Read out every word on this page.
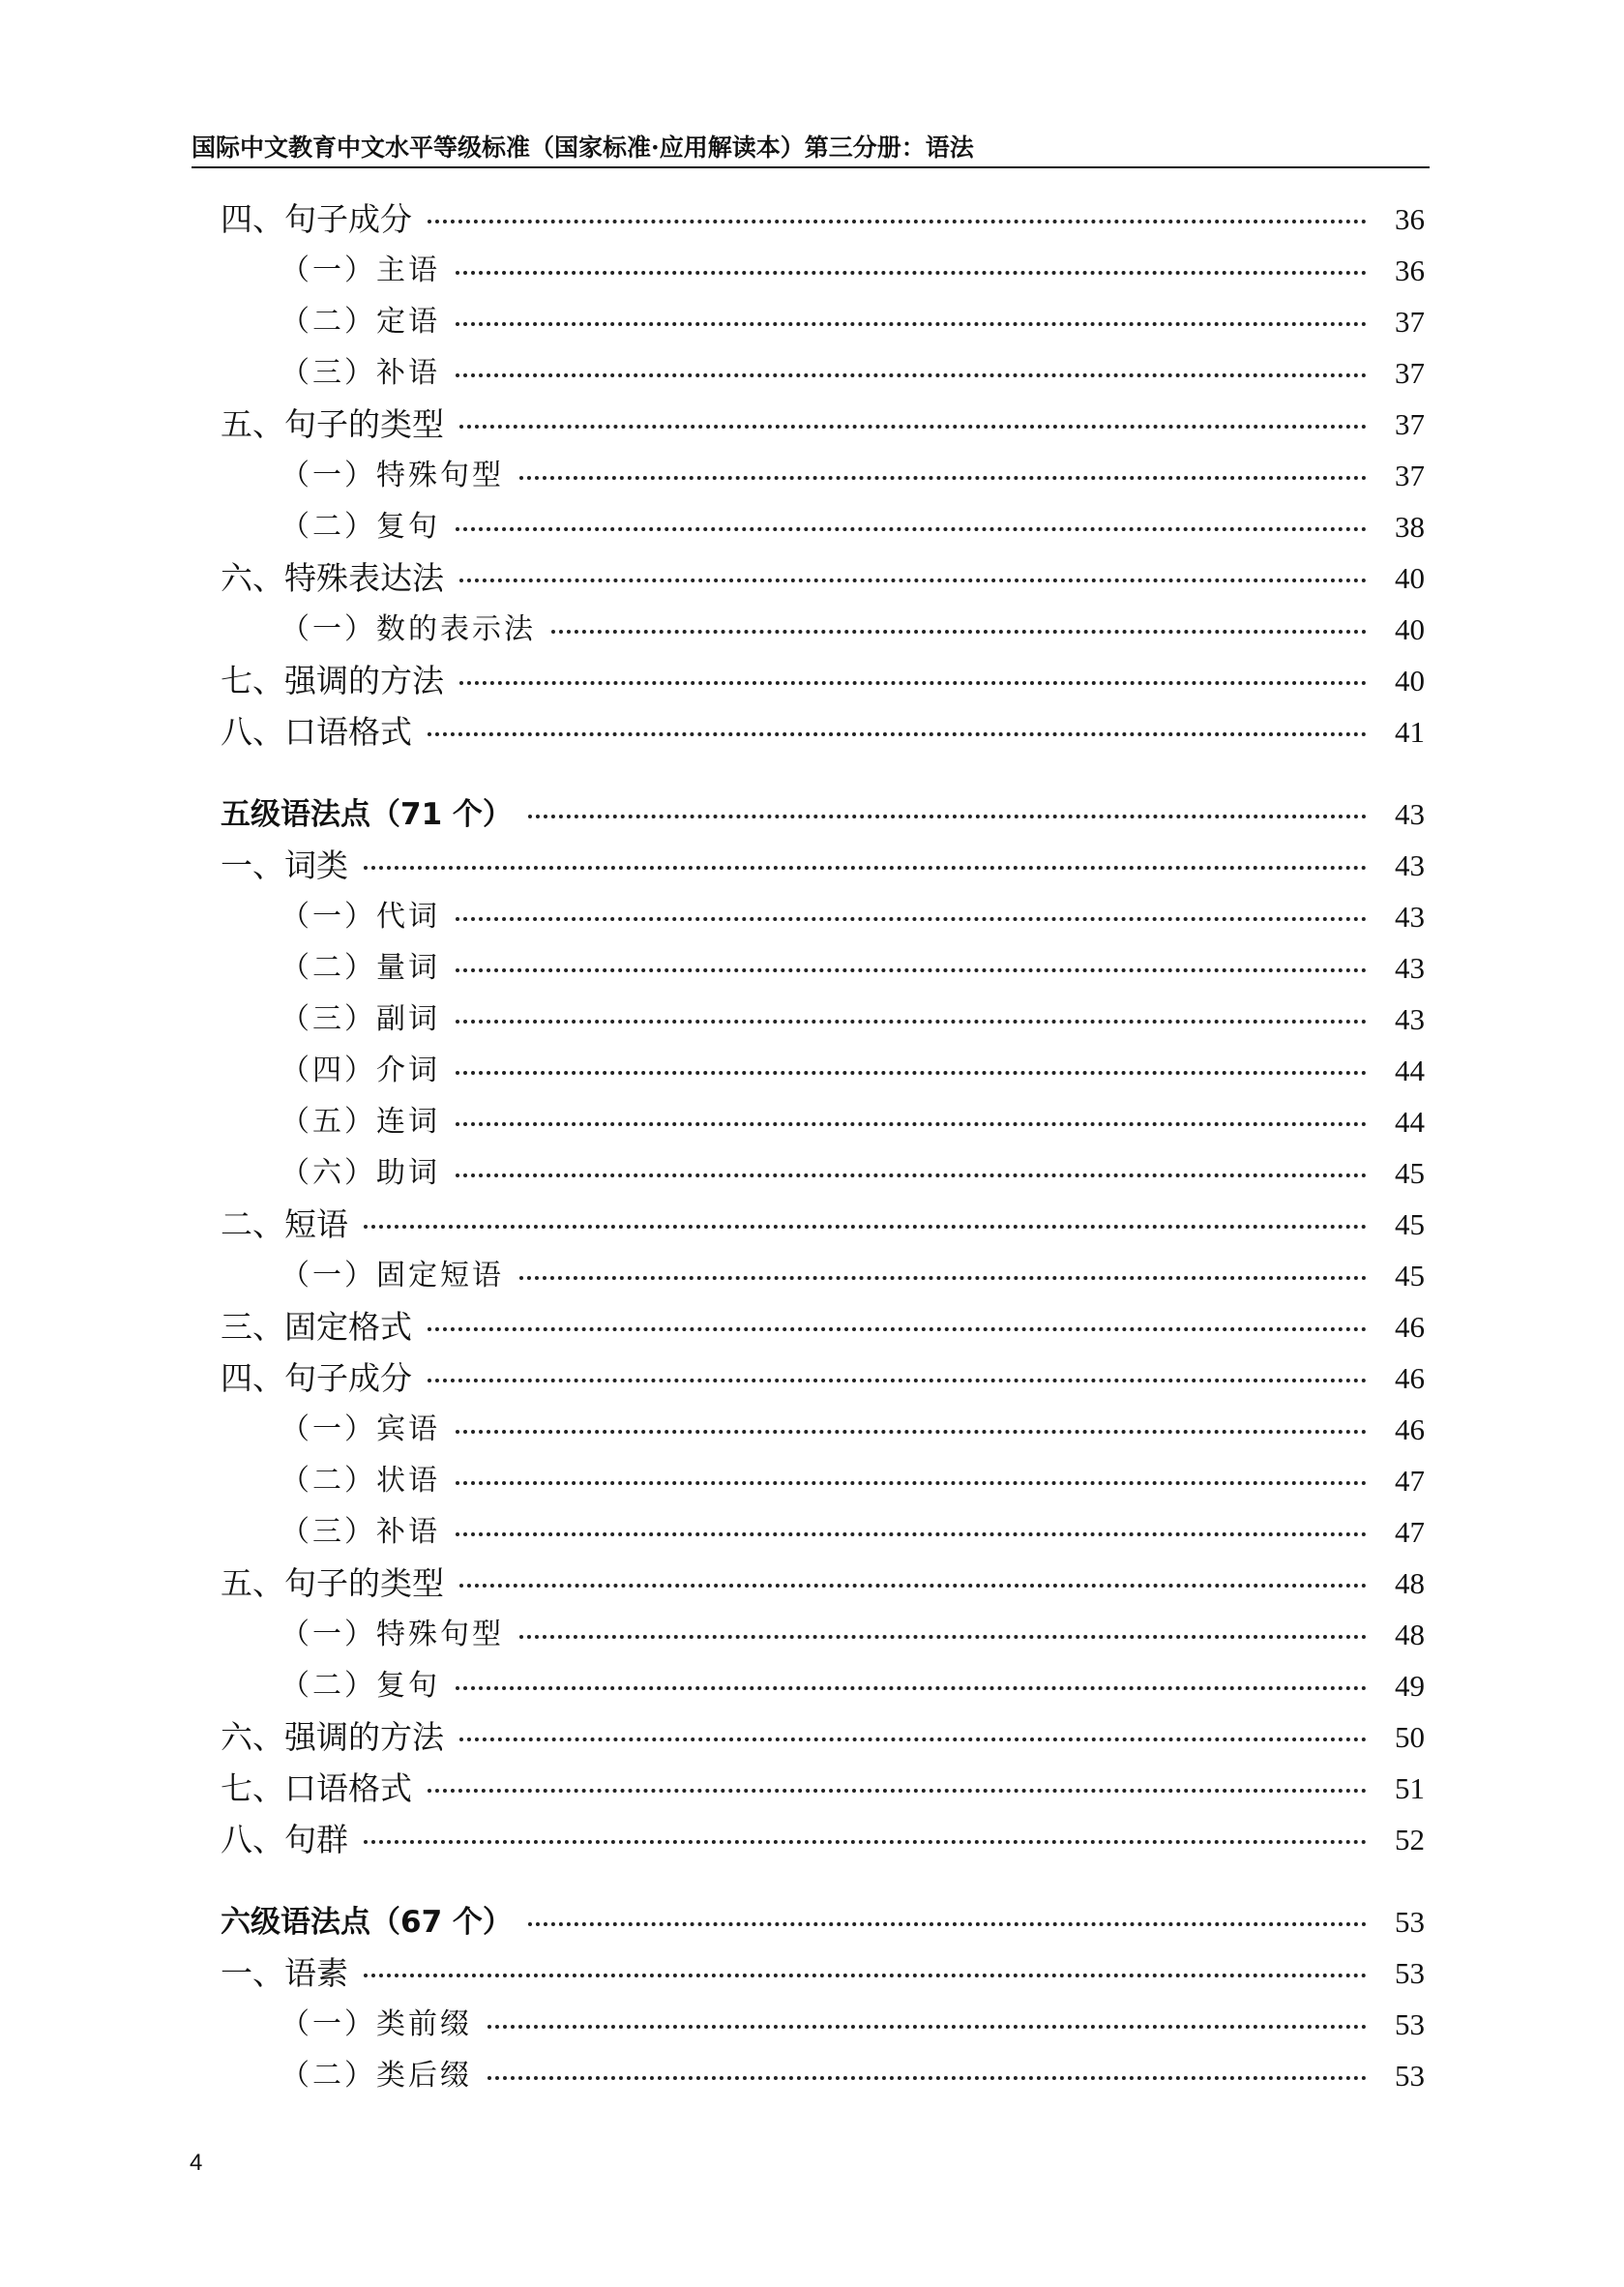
国际中文教育中文水平等级标准（国家标准·应用解读本）第三分册：语法
四、句子成分	36
（一）主语	36
（二）定语	37
（三）补语	37
五、句子的类型	37
（一）特殊句型	37
（二）复句	38
六、特殊表达法	40
（一）数的表示法	40
七、强调的方法	40
八、口语格式	41
五级语法点（71 个）	43
一、词类	43
（一）代词	43
（二）量词	43
（三）副词	43
（四）介词	44
（五）连词	44
（六）助词	45
二、短语	45
（一）固定短语	45
三、固定格式	46
四、句子成分	46
（一）宾语	46
（二）状语	47
（三）补语	47
五、句子的类型	48
（一）特殊句型	48
（二）复句	49
六、强调的方法	50
七、口语格式	51
八、句群	52
六级语法点（67 个）	53
一、语素	53
（一）类前缀	53
（二）类后缀	53
4
